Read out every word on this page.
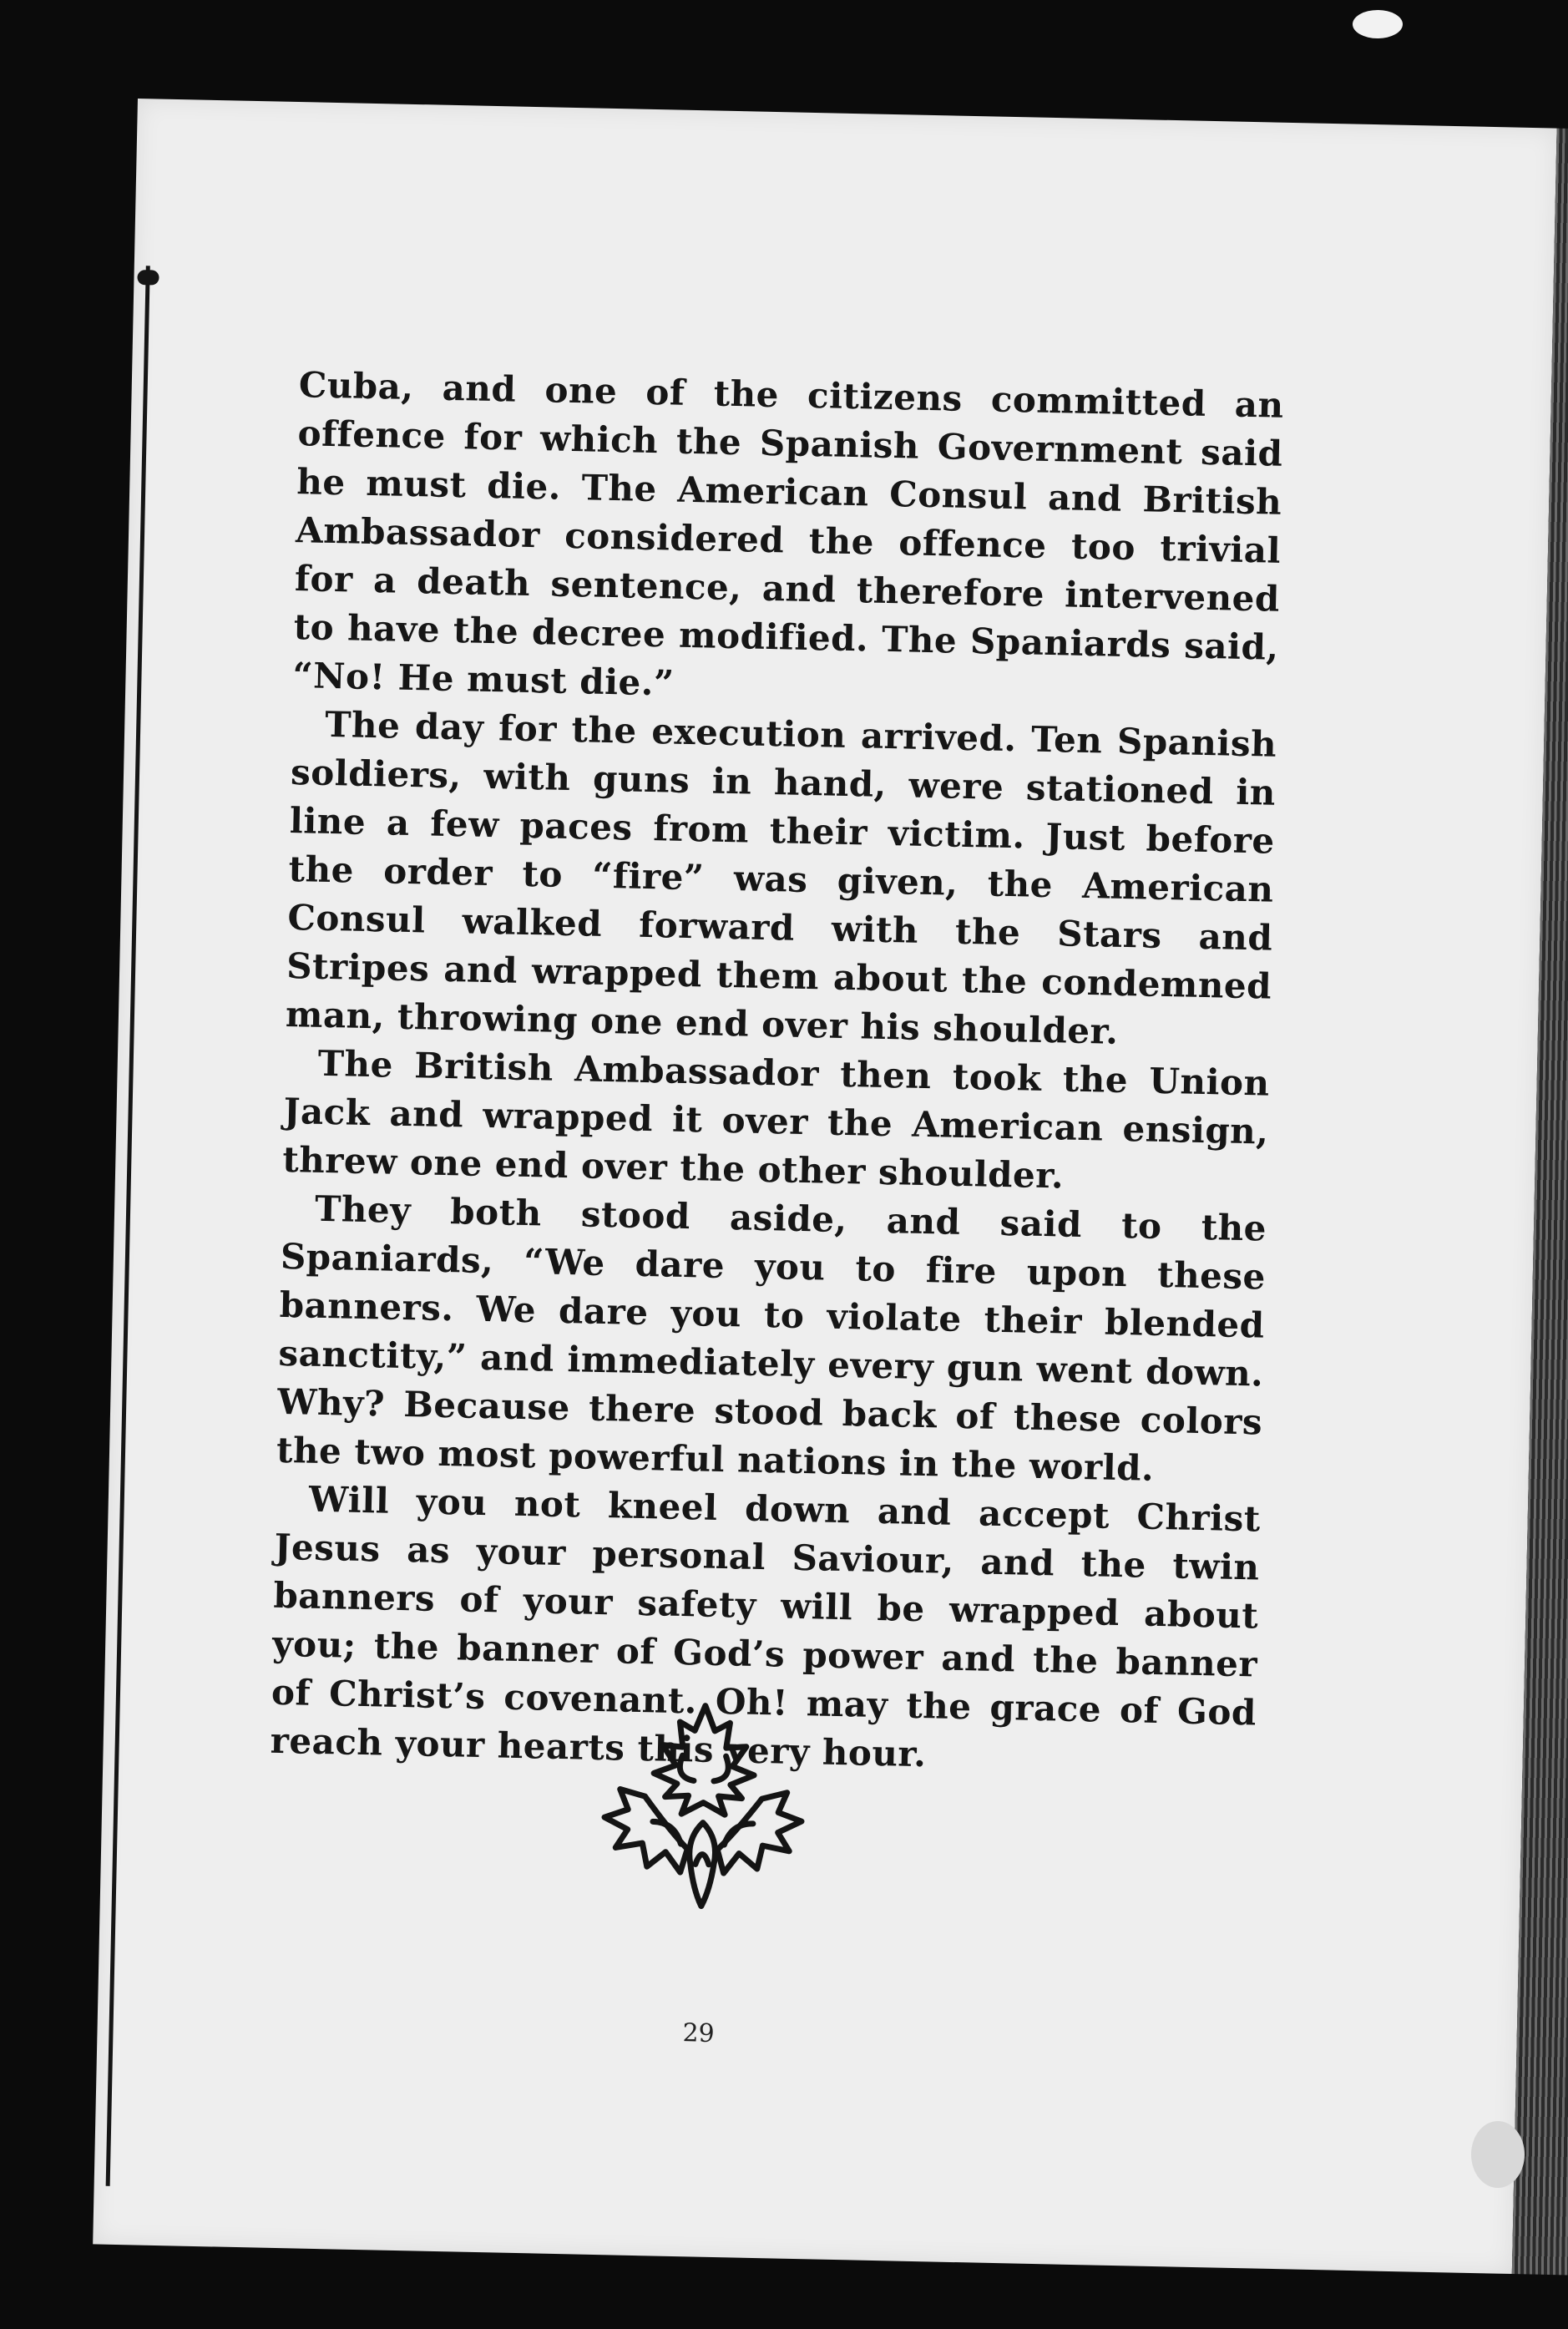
Cuba, and one of the citizens committed an offence for which the Spanish Government said he must die. The American Consul and British Ambassador considered the offence too trivial for a death sentence, and therefore intervened to have the decree modified. The Spaniards said, “No! He must die.”

The day for the execution arrived. Ten Spanish soldiers, with guns in hand, were stationed in line a few paces from their victim. Just before the order to “fire” was given, the American Consul walked forward with the Stars and Stripes and wrapped them about the condemned man, throwing one end over his shoulder.

The British Ambassador then took the Union Jack and wrapped it over the American ensign, threw one end over the other shoulder.

They both stood aside, and said to the Spaniards, “We dare you to fire upon these banners. We dare you to violate their blended sanctity,” and immediately every gun went down. Why? Because there stood back of these colors the two most powerful nations in the world.

Will you not kneel down and accept Christ Jesus as your personal Saviour, and the twin banners of your safety will be wrapped about you; the banner of God’s power and the banner of Christ’s covenant. Oh! may the grace of God reach your hearts this very hour.

29
